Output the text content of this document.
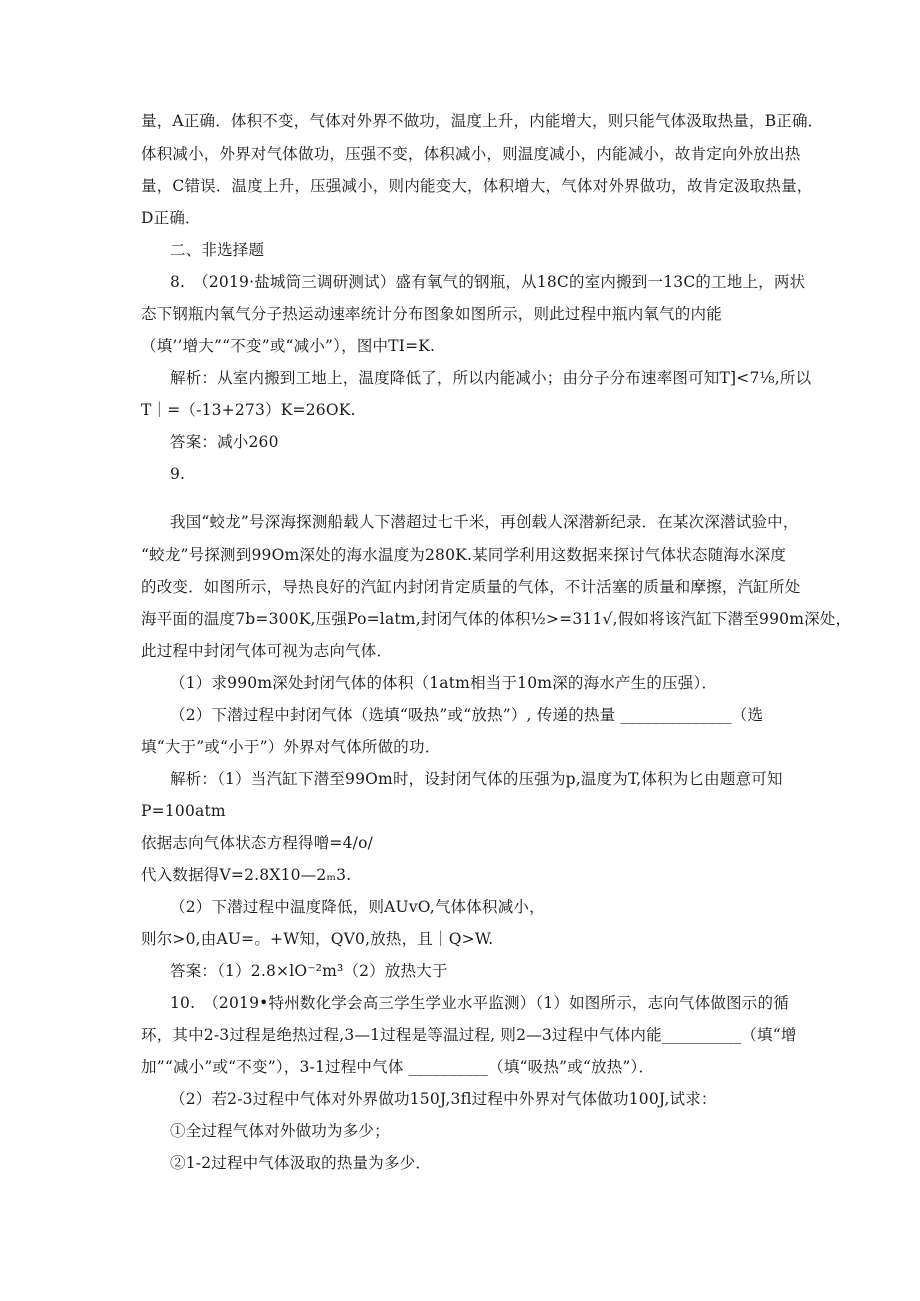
量，A正确．体积不变，气体对外界不做功，温度上升，内能增大，则只能气体汲取热量，B正确．
体积减小，外界对气体做功，压强不变，体积减小，则温度减小，内能减小，故肯定向外放出热
量，C错误．温度上升，压强减小，则内能变大，体积增大，气体对外界做功，故肯定汲取热量，
D正确．
二、非选择题
8.　（2019·盐城筒三调研测试）盛有氧气的钢瓶，从18C的室内搬到一13C的工地上，两状
态下钢瓶内氧气分子热运动速率统计分布图象如图所示，则此过程中瓶内氧气的内能
（填’’增大”“不变”或“减小”），图中TI=K.
解析：从室内搬到工地上，温度降低了，所以内能减小；由分子分布速率图可知T]<7⅛,所以
T｜=（-13+273）K=26OK.
答案：减小260
9.
我国“蛟龙”号深海探测船载人下潜超过七千米，再创载人深潜新纪录．在某次深潜试验中，
“蛟龙”号探测到99Om深处的海水温度为280K.某同学利用这数据来探讨气体状态随海水深度
的改变．如图所示，导热良好的汽缸内封闭肯定质量的气体，不计活塞的质量和摩擦，汽缸所处
海平面的温度7b=300K,压强Po=latm,封闭气体的体积½>=311√,假如将该汽缸下潜至990m深处，
此过程中封闭气体可视为志向气体．
（1）求990m深处封闭气体的体积（1atm相当于10m深的海水产生的压强）．
（2）下潜过程中封闭气体（选填“吸热”或“放热”）, 传递的热量 ______________（选
填“大于”或“小于”）外界对气体所做的功．
解析：（1）当汽缸下潜至99Om时，设封闭气体的压强为p,温度为T,体积为匕由题意可知
P=100atm
依据志向气体状态方程得噌=4/o/
代入数据得V=2.8X10—2ₘ3.
（2）下潜过程中温度降低，则AUvO,气体体积减小，
则尔>0,由AU=。+W知，QV0,放热，且｜Q>W.
答案：（1）2.8×lO⁻²m³（2）放热大于
10.　（2019•特州数化学会高三学生学业水平监测）（1）如图所示，志向气体做图示的循
环，其中2-3过程是绝热过程,3—1过程是等温过程, 则2—3过程中气体内能__________（填“增
加”“减小”或“不变”），3-1过程中气体 __________（填“吸热”或“放热”）．
（2）若2-3过程中气体对外界做功150J,3fl过程中外界对气体做功100J,试求：
①全过程气体对外做功为多少；
②1-2过程中气体汲取的热量为多少．
